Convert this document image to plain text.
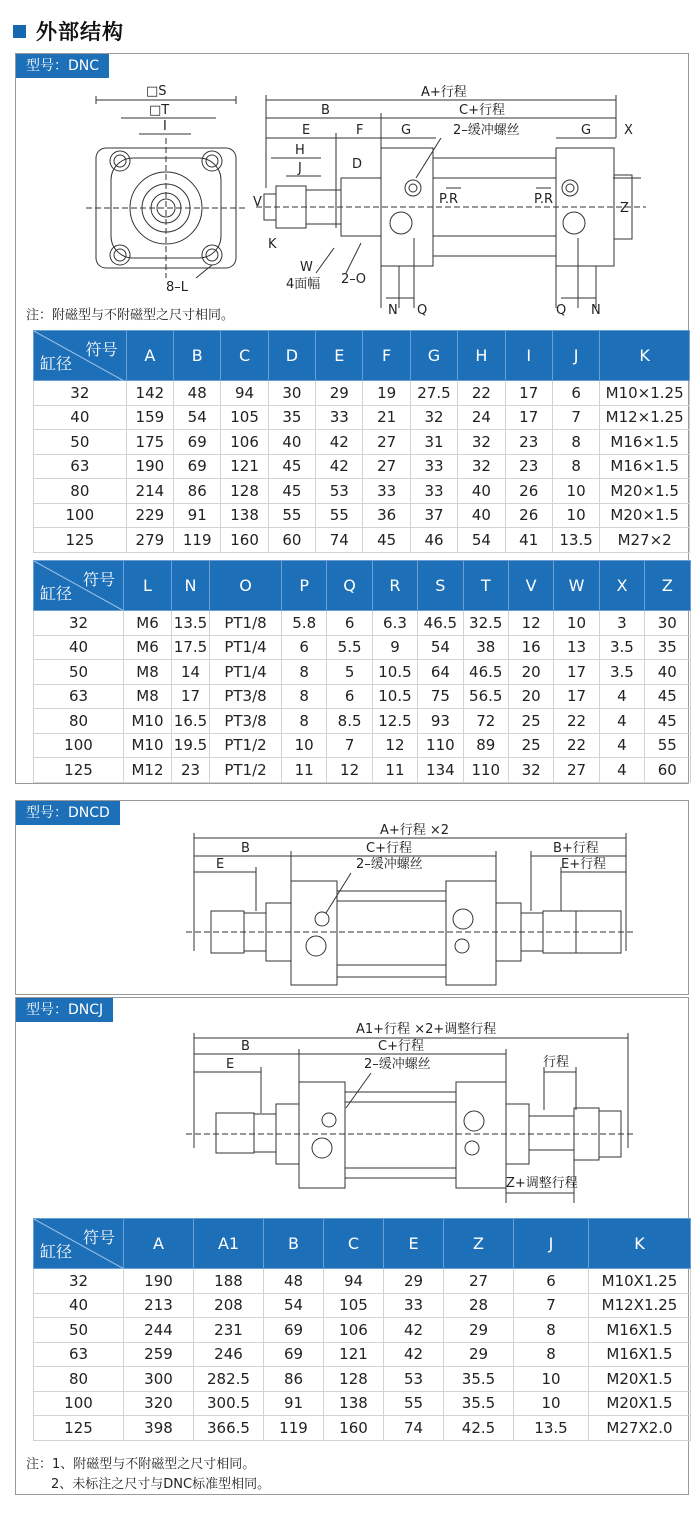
外部结构
型号：DNC
□S
□T
I
8–L
A+行程
B	C+行程
E	F	G	2–缓冲螺丝	G	X
H
J	D
V
K
W
4面幅 2–O
P.R	P.R
Z
N Q	Q N
注：附磁型与不附磁型之尺寸相同。
符号
缸径	A	B	C	D	E	F	G	H	I	J	K
32	142	48	94	30	29	19	27.5	22	17	6	M10×1.25
40	159	54	105	35	33	21	32	24	17	7	M12×1.25
50	175	69	106	40	42	27	31	32	23	8	M16×1.5
63	190	69	121	45	42	27	33	32	23	8	M16×1.5
80	214	86	128	45	53	33	33	40	26	10	M20×1.5
100	229	91	138	55	55	36	37	40	26	10	M20×1.5
125	279	119	160	60	74	45	46	54	41	13.5	M27×2
符号
缸径	L	N	O	P	Q	R	S	T	V	W	X	Z
32	M6	13.5	PT1/8	5.8	6	6.3	46.5	32.5	12	10	3	30
40	M6	17.5	PT1/4	6	5.5	9	54	38	16	13	3.5	35
50	M8	14	PT1/4	8	5	10.5	64	46.5	20	17	3.5	40
63	M8	17	PT3/8	8	6	10.5	75	56.5	20	17	4	45
80	M10	16.5	PT3/8	8	8.5	12.5	93	72	25	22	4	45
100	M10	19.5	PT1/2	10	7	12	110	89	25	22	4	55
125	M12	23	PT1/2	11	12	11	134	110	32	27	4	60
型号：DNCD
A+行程 ×2
B	C+行程	B+行程
E	2–缓冲螺丝	E+行程
型号：DNCJ
A1+行程 ×2+调整行程
B	C+行程
E	2–缓冲螺丝	行程
Z+调整行程
符号
缸径	A	A1	B	C	E	Z	J	K
32	190	188	48	94	29	27	6	M10X1.25
40	213	208	54	105	33	28	7	M12X1.25
50	244	231	69	106	42	29	8	M16X1.5
63	259	246	69	121	42	29	8	M16X1.5
80	300	282.5	86	128	53	35.5	10	M20X1.5
100	320	300.5	91	138	55	35.5	10	M20X1.5
125	398	366.5	119	160	74	42.5	13.5	M27X2.0
注：1、附磁型与不附磁型之尺寸相同。
2、未标注之尺寸与DNC标准型相同。
